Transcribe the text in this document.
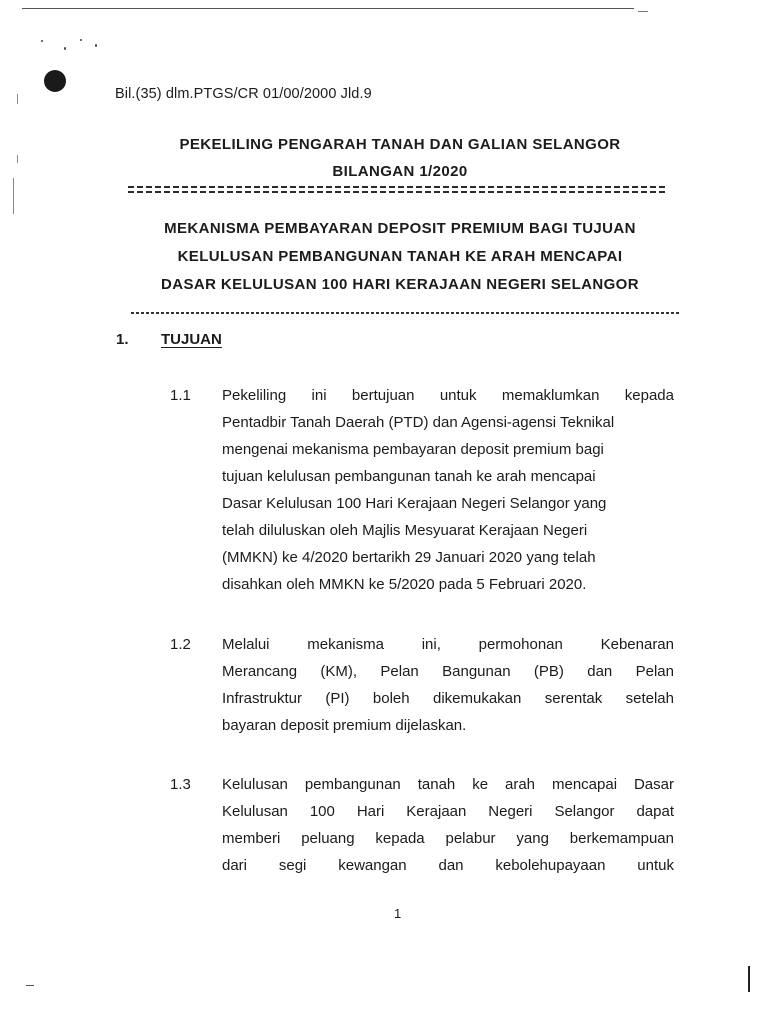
Bil.(35) dlm.PTGS/CR 01/00/2000 Jld.9
PEKELILING PENGARAH TANAH DAN GALIAN SELANGOR
BILANGAN 1/2020
MEKANISMA PEMBAYARAN DEPOSIT PREMIUM BAGI TUJUAN
KELULUSAN PEMBANGUNAN TANAH KE ARAH MENCAPAI
DASAR KELULUSAN 100 HARI KERAJAAN NEGERI SELANGOR
1. TUJUAN
1.1 Pekeliling ini bertujuan untuk memaklumkan kepada
Pentadbir Tanah Daerah (PTD) dan Agensi-agensi Teknikal
mengenai mekanisma pembayaran deposit premium bagi
tujuan kelulusan pembangunan tanah ke arah mencapai
Dasar Kelulusan 100 Hari Kerajaan Negeri Selangor yang
telah diluluskan oleh Majlis Mesyuarat Kerajaan Negeri
(MMKN) ke 4/2020 bertarikh 29 Januari 2020 yang telah
disahkan oleh MMKN ke 5/2020 pada 5 Februari 2020.
1.2 Melalui mekanisma ini, permohonan Kebenaran
Merancang (KM), Pelan Bangunan (PB) dan Pelan
Infrastruktur (PI) boleh dikemukakan serentak setelah
bayaran deposit premium dijelaskan.
1.3 Kelulusan pembangunan tanah ke arah mencapai Dasar
Kelulusan 100 Hari Kerajaan Negeri Selangor dapat
memberi peluang kepada pelabur yang berkemampuan
dari segi kewangan dan kebolehupayaan untuk
1
